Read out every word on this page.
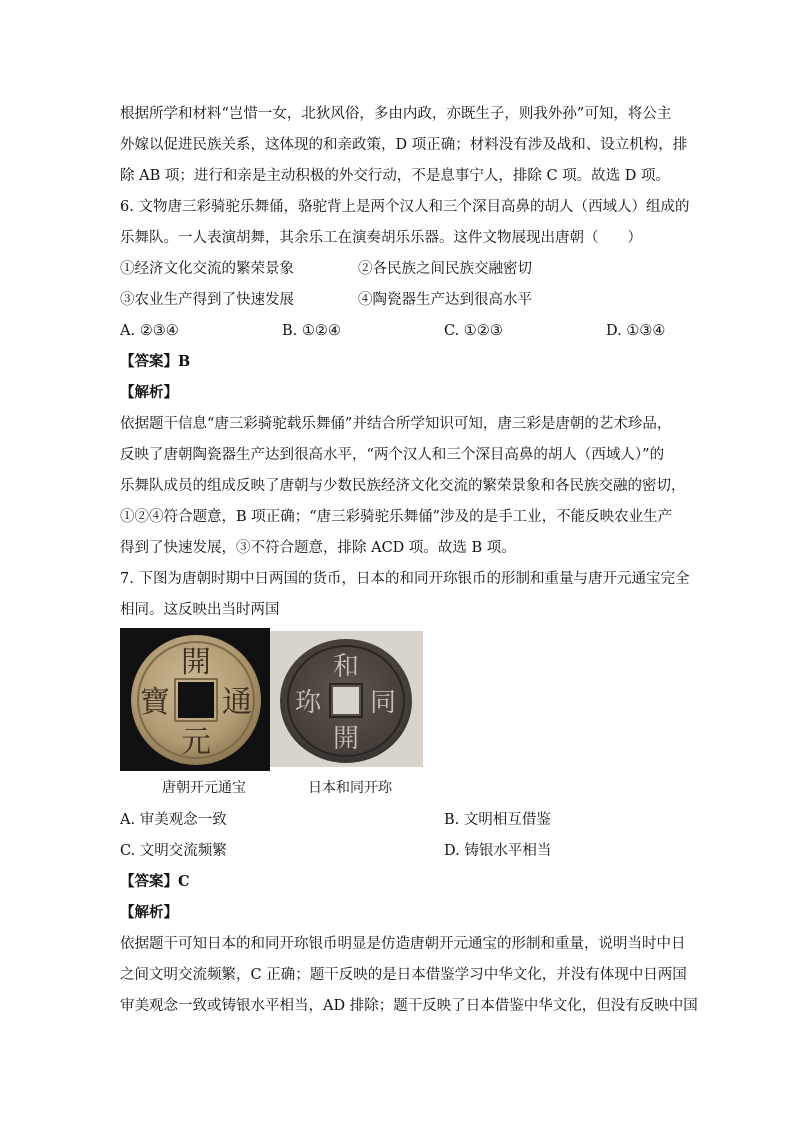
根据所学和材料“岂惜一女，北狄风俗，多由内政，亦既生子，则我外孙”可知，将公主
外嫁以促进民族关系，这体现的和亲政策，D 项正确；材料没有涉及战和、设立机构，排
除 AB 项；进行和亲是主动积极的外交行动，不是息事宁人，排除 C 项。故选 D 项。
6. 文物唐三彩骑驼乐舞俑，骆驼背上是两个汉人和三个深目高鼻的胡人（西域人）组成的
乐舞队。一人表演胡舞，其余乐工在演奏胡乐乐器。这件文物展现出唐朝（　　）
①经济文化交流的繁荣景象	②各民族之间民族交融密切
③农业生产得到了快速发展	④陶瓷器生产达到很高水平
A. ②③④	B. ①②④	C. ①②③	D. ①③④
【答案】B
【解析】
依据题干信息“唐三彩骑驼载乐舞俑”并结合所学知识可知，唐三彩是唐朝的艺术珍品，
反映了唐朝陶瓷器生产达到很高水平，“两个汉人和三个深目高鼻的胡人（西域人）”的
乐舞队成员的组成反映了唐朝与少数民族经济文化交流的繁荣景象和各民族交融的密切，
①②④符合题意，B 项正确；“唐三彩骑驼乐舞俑”涉及的是手工业，不能反映农业生产
得到了快速发展，③不符合题意，排除 ACD 项。故选 B 项。
7. 下图为唐朝时期中日两国的货币，日本的和同开珎银币的形制和重量与唐开元通宝完全
相同。这反映出当时两国
開
元
通
寶
和
開
同
珎
唐朝开元通宝	日本和同开珎
A. 审美观念一致	B. 文明相互借鉴
C. 文明交流频繁	D. 铸银水平相当
【答案】C
【解析】
依据题干可知日本的和同开珎银币明显是仿造唐朝开元通宝的形制和重量，说明当时中日
之间文明交流频繁，C 正确；题干反映的是日本借鉴学习中华文化，并没有体现中日两国
审美观念一致或铸银水平相当，AD 排除；题干反映了日本借鉴中华文化，但没有反映中国
